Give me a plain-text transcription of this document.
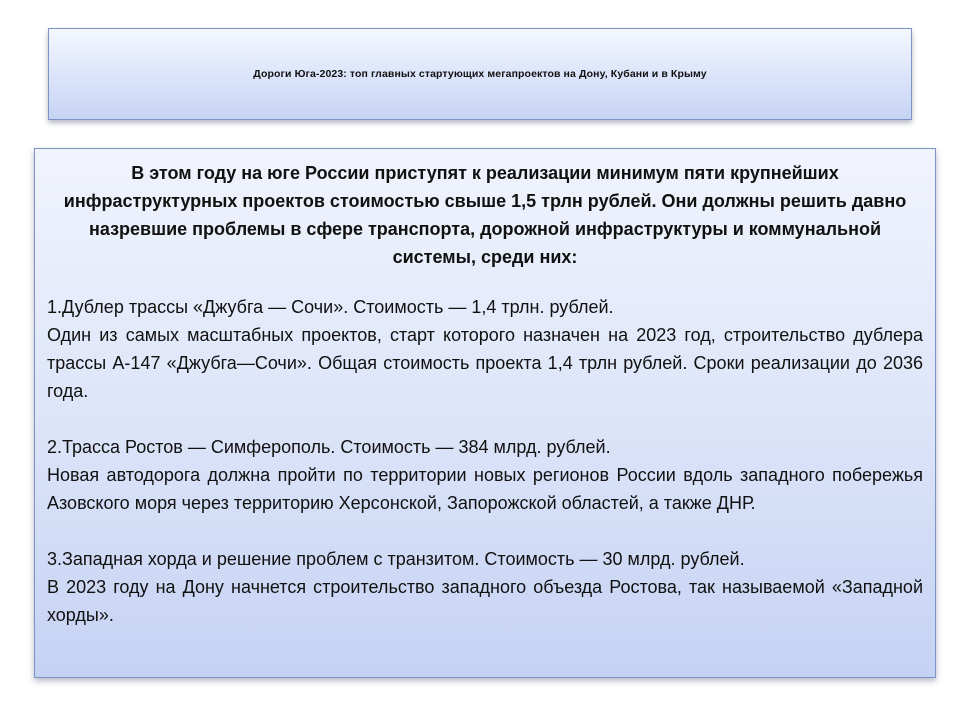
Дороги Юга-2023: топ главных стартующих мегапроектов на Дону, Кубани и в Крыму

В этом году на юге России приступят к реализации минимум пяти крупнейших инфраструктурных проектов стоимостью свыше 1,5 трлн рублей. Они должны решить давно назревшие проблемы в сфере транспорта, дорожной инфраструктуры и коммунальной системы, среди них:

1.Дублер трассы «Джубга — Сочи». Стоимость — 1,4 трлн. рублей.

Один из самых масштабных проектов, старт которого назначен на 2023 год, строительство дублера трассы А-147 «Джубга—Сочи». Общая стоимость проекта 1,4 трлн рублей. Сроки реализации до 2036 года.

2.Трасса Ростов — Симферополь. Стоимость — 384 млрд. рублей.

Новая автодорога должна пройти по территории новых регионов России вдоль западного побережья Азовского моря через территорию Херсонской, Запорожской областей, а также ДНР.

3.Западная хорда и решение проблем с транзитом. Стоимость — 30 млрд. рублей.

В 2023 году на Дону начнется строительство западного объезда Ростова, так называемой «Западной хорды».
